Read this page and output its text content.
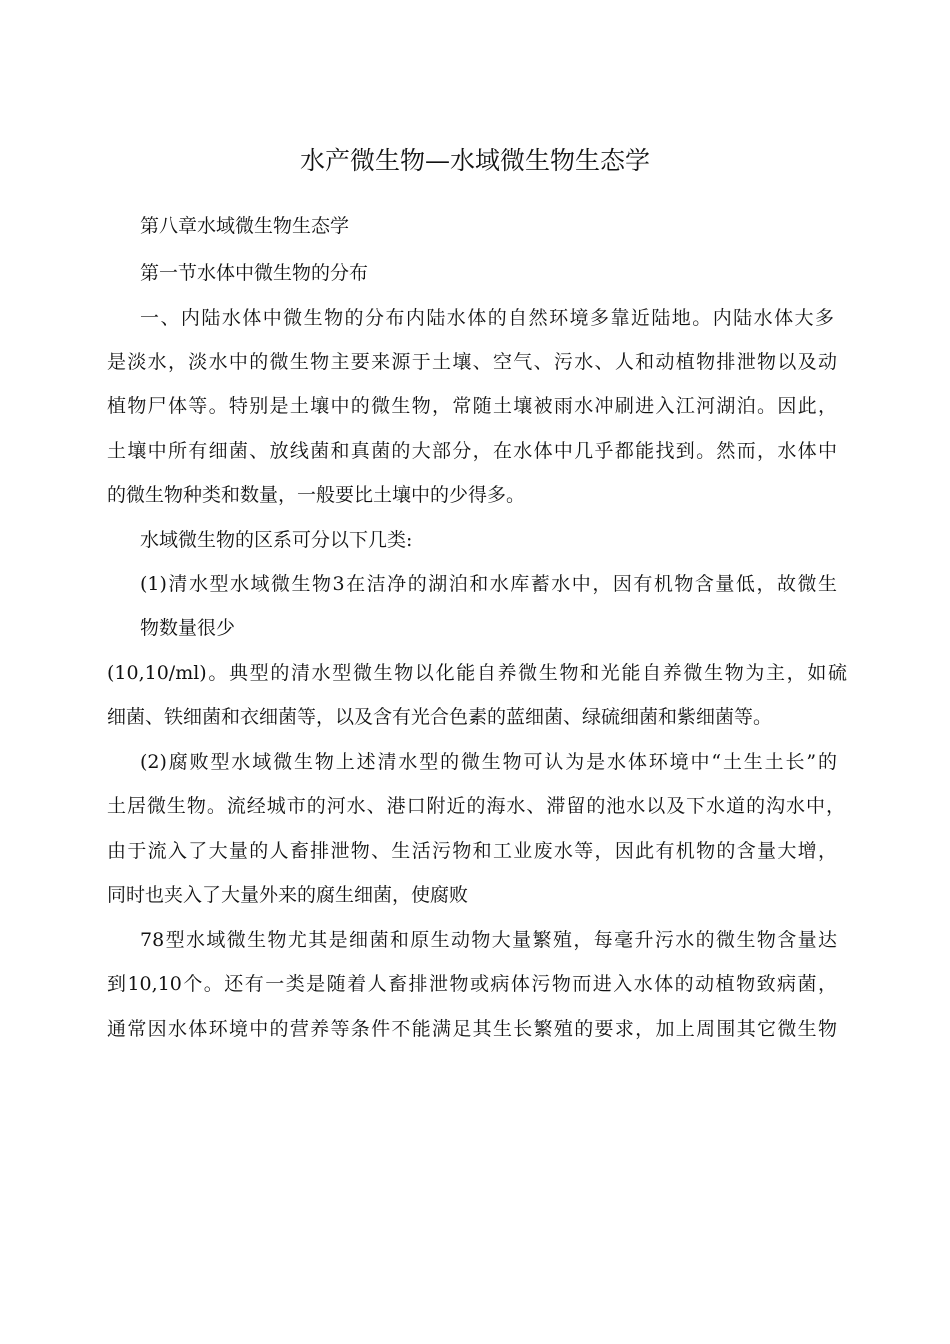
水产微生物—水域微生物生态学
第八章水域微生物生态学
第一节水体中微生物的分布
一、内陆水体中微生物的分布内陆水体的自然环境多靠近陆地。内陆水体大多
是淡水，淡水中的微生物主要来源于土壤、空气、污水、人和动植物排泄物以及动
植物尸体等。特别是土壤中的微生物，常随土壤被雨水冲刷进入江河湖泊。因此，
土壤中所有细菌、放线菌和真菌的大部分，在水体中几乎都能找到。然而，水体中
的微生物种类和数量，一般要比土壤中的少得多。
水域微生物的区系可分以下几类:
(1)清水型水域微生物3在洁净的湖泊和水库蓄水中，因有机物含量低，故微生
物数量很少
(10,10/ml)。典型的清水型微生物以化能自养微生物和光能自养微生物为主，如硫
细菌、铁细菌和衣细菌等，以及含有光合色素的蓝细菌、绿硫细菌和紫细菌等。
(2)腐败型水域微生物上述清水型的微生物可认为是水体环境中“土生土长”的
土居微生物。流经城市的河水、港口附近的海水、滞留的池水以及下水道的沟水中，
由于流入了大量的人畜排泄物、生活污物和工业废水等，因此有机物的含量大增，
同时也夹入了大量外来的腐生细菌，使腐败
78型水域微生物尤其是细菌和原生动物大量繁殖，每毫升污水的微生物含量达
到10,10个。还有一类是随着人畜排泄物或病体污物而进入水体的动植物致病菌，
通常因水体环境中的营养等条件不能满足其生长繁殖的要求，加上周围其它微生物
